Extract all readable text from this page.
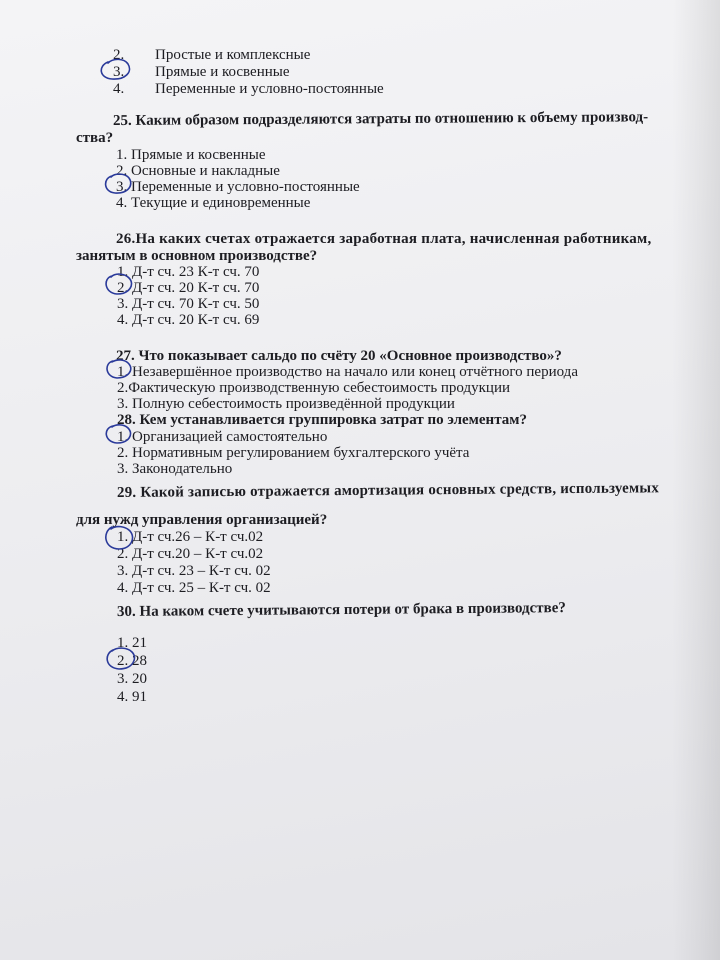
2. Простые и комплексные
3. Прямые и косвенные
4. Переменные и условно-постоянные
25. Каким образом подразделяются затраты по отношению к объему производ-
ства?
1. Прямые и косвенные
2. Основные и накладные
3. Переменные и условно-постоянные
4. Текущие и единовременные
26.На каких счетах отражается заработная плата, начисленная работникам,
занятым в основном производстве?
1. Д-т сч. 23 К-т сч. 70
2. Д-т сч. 20 К-т сч. 70
3. Д-т сч. 70 К-т сч. 50
4. Д-т сч. 20 К-т сч. 69
27. Что показывает сальдо по счёту 20 «Основное производство»?
1. Незавершённое производство на начало или конец отчётного периода
2.Фактическую производственную себестоимость продукции
3. Полную себестоимость произведённой продукции
28. Кем устанавливается группировка затрат по элементам?
1. Организацией самостоятельно
2. Нормативным регулированием бухгалтерского учёта
3. Законодательно
29. Какой записью отражается амортизация основных средств, используемых
для нужд управления организацией?
1. Д-т сч.26 – К-т сч.02
2. Д-т сч.20 – К-т сч.02
3. Д-т сч. 23 – К-т сч. 02
4. Д-т сч. 25 – К-т сч. 02
30. На каком счете учитываются потери от брака в производстве?
1. 21
2. 28
3. 20
4. 91
